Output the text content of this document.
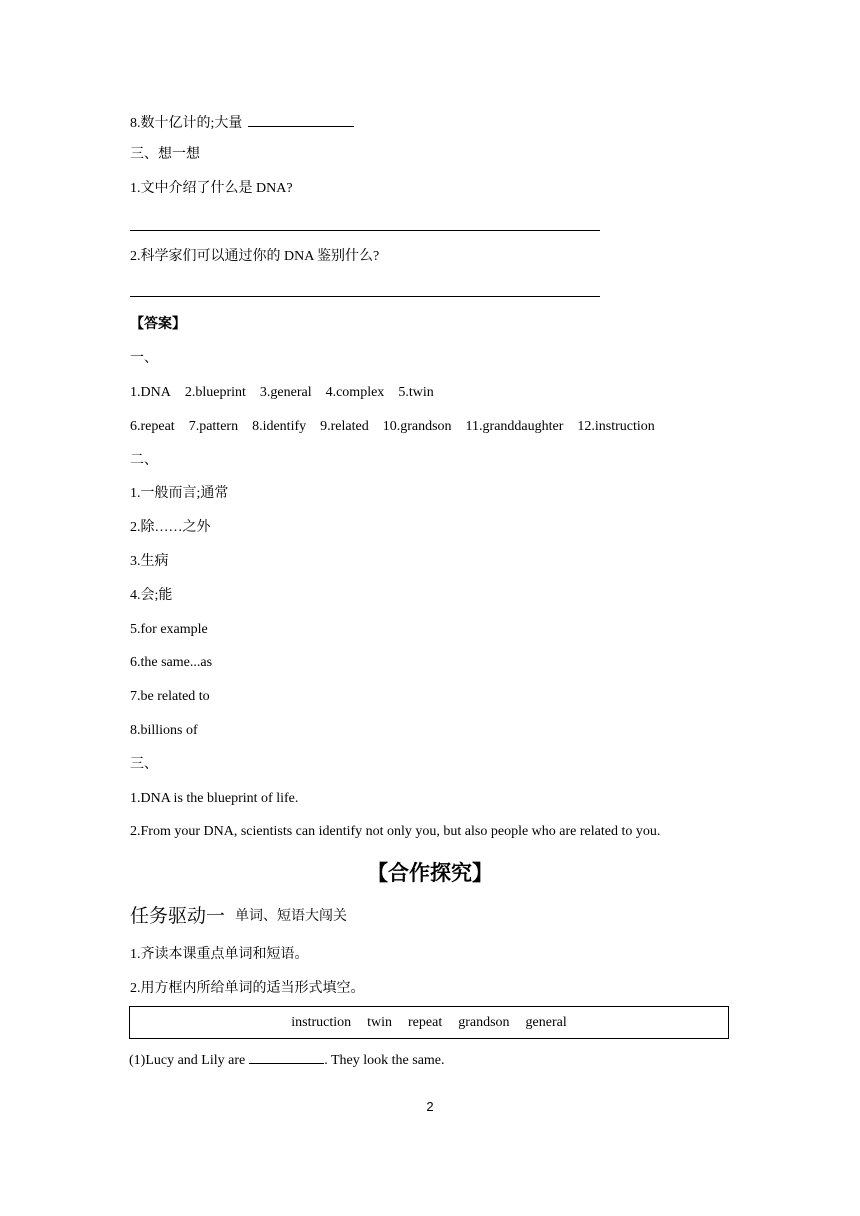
8.数十亿计的;大量
三、想一想
1.文中介绍了什么是 DNA?
2.科学家们可以通过你的 DNA 鉴别什么?
【答案】
一、
1.DNA 2.blueprint 3.general 4.complex 5.twin
6.repeat 7.pattern 8.identify 9.related 10.grandson 11.granddaughter 12.instruction
二、
1.一般而言;通常
2.除……之外
3.生病
4.会;能
5.for example
6.the same...as
7.be related to
8.billions of
三、
1.DNA is the blueprint of life.
2.From your DNA, scientists can identify not only you, but also people who are related to you.
【合作探究】
任务驱动一 单词、短语大闯关
1.齐读本课重点单词和短语。
2.用方框内所给单词的适当形式填空。
instruction twin repeat grandson general
(1)Lucy and Lily are	. They look the same.
2
